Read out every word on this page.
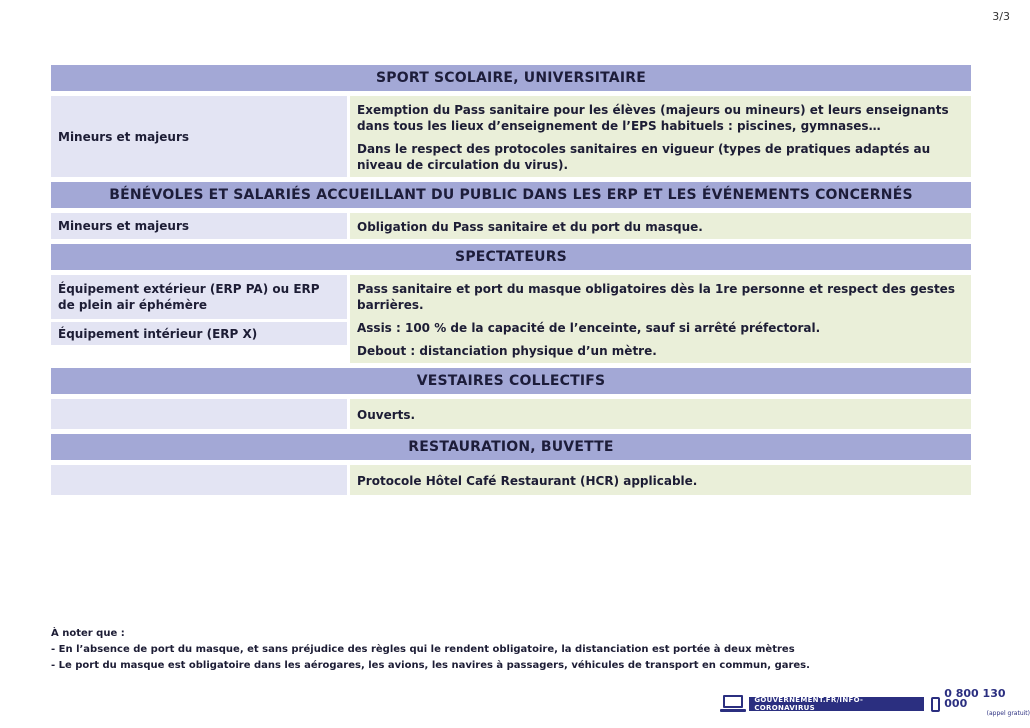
3/3
SPORT SCOLAIRE, UNIVERSITAIRE
Mineurs et majeurs

Exemption du Pass sanitaire pour les élèves (majeurs ou mineurs) et leurs enseignants dans tous les lieux d’enseignement de l’EPS habituels : piscines, gymnases…

Dans le respect des protocoles sanitaires en vigueur (types de pratiques adaptés au niveau de circulation du virus).

BÉNÉVOLES ET SALARIÉS ACCUEILLANT DU PUBLIC DANS LES ERP ET LES ÉVÉNEMENTS CONCERNÉS
Mineurs et majeurs	Obligation du Pass sanitaire et du port du masque.

SPECTATEURS
Équipement extérieur (ERP PA) ou ERP de plein air éphémère
Équipement intérieur (ERP X)

Pass sanitaire et port du masque obligatoires dès la 1re personne et respect des gestes barrières.

Assis : 100 % de la capacité de l’enceinte, sauf si arrêté préfectoral.

Debout : distanciation physique d’un mètre.

VESTAIRES COLLECTIFS

Ouverts.

RESTAURATION, BUVETTE

Protocole Hôtel Café Restaurant (HCR) applicable.

À noter que :
- En l’absence de port du masque, et sans préjudice des règles qui le rendent obligatoire, la distanciation est portée à deux mètres
- Le port du masque est obligatoire dans les aérogares, les avions, les navires à passagers, véhicules de transport en commun, gares.
GOUVERNEMENT.FR/INFO-CORONAVIRUS
0 800 130 000
(appel gratuit)
